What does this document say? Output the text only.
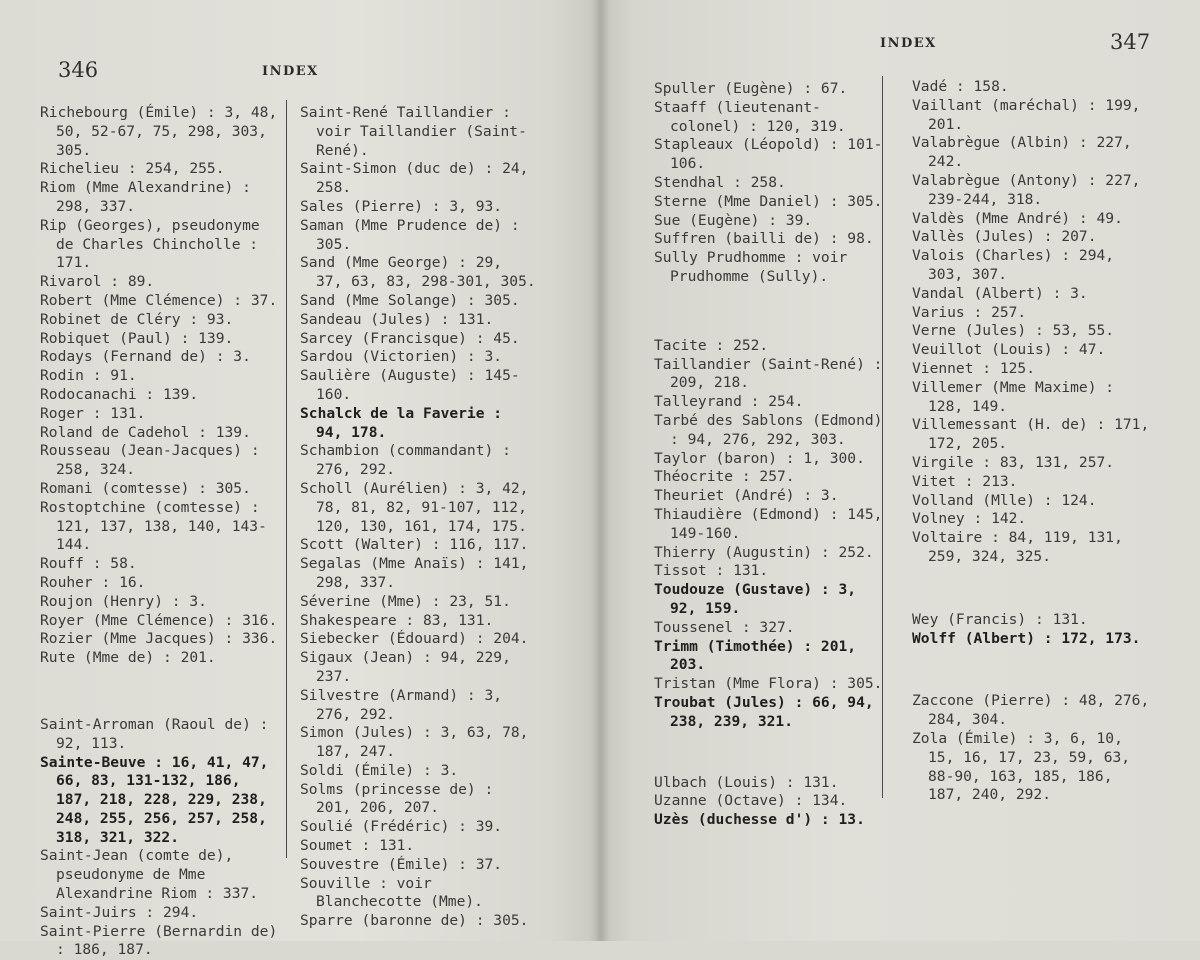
346	INDEX
Richebourg (Émile) : 3, 48, 50, 52-67, 75, 298, 303, 305.
Richelieu : 254, 255.
Riom (Mme Alexandrine) : 298, 337.
Rip (Georges), pseudonyme de Charles Chincholle : 171.
Rivarol : 89.
Robert (Mme Clémence) : 37.
Robinet de Cléry : 93.
Robiquet (Paul) : 139.
Rodays (Fernand de) : 3.
Rodin : 91.
Rodocanachi : 139.
Roger : 131.
Roland de Cadehol : 139.
Rousseau (Jean-Jacques) : 258, 324.
Romani (comtesse) : 305.
Rostoptchine (comtesse) : 121, 137, 138, 140, 143-144.
Rouff : 58.
Rouher : 16.
Roujon (Henry) : 3.
Royer (Mme Clémence) : 316.
Rozier (Mme Jacques) : 336.
Rute (Mme de) : 201.
Saint-Arroman (Raoul de) : 92, 113.
Sainte-Beuve : 16, 41, 47, 66, 83, 131-132, 186, 187, 218, 228, 229, 238, 248, 255, 256, 257, 258, 318, 321, 322.
Saint-Jean (comte de), pseudonyme de Mme Alexandrine Riom : 337.
Saint-Juirs : 294.
Saint-Pierre (Bernardin de) : 186, 187.
Saint-René Taillandier : voir Taillandier (Saint-René).
Saint-Simon (duc de) : 24, 258.
Sales (Pierre) : 3, 93.
Saman (Mme Prudence de) : 305.
Sand (Mme George) : 29, 37, 63, 83, 298-301, 305.
Sand (Mme Solange) : 305.
Sandeau (Jules) : 131.
Sarcey (Francisque) : 45.
Sardou (Victorien) : 3.
Saulière (Auguste) : 145-160.
Schalck de la Faverie : 94, 178.
Schambion (commandant) : 276, 292.
Scholl (Aurélien) : 3, 42, 78, 81, 82, 91-107, 112, 120, 130, 161, 174, 175.
Scott (Walter) : 116, 117.
Segalas (Mme Anaïs) : 141, 298, 337.
Séverine (Mme) : 23, 51.
Shakespeare : 83, 131.
Siebecker (Édouard) : 204.
Sigaux (Jean) : 94, 229, 237.
Silvestre (Armand) : 3, 276, 292.
Simon (Jules) : 3, 63, 78, 187, 247.
Soldi (Émile) : 3.
Solms (princesse de) : 201, 206, 207.
Soulié (Frédéric) : 39.
Soumet : 131.
Souvestre (Émile) : 37.
Souville : voir Blanchecotte (Mme).
Sparre (baronne de) : 305.
INDEX	347
Spuller (Eugène) : 67.
Staaff (lieutenant-colonel) : 120, 319.
Stapleaux (Léopold) : 101-106.
Stendhal : 258.
Sterne (Mme Daniel) : 305.
Sue (Eugène) : 39.
Suffren (bailli de) : 98.
Sully Prudhomme : voir Prudhomme (Sully).
Tacite : 252.
Taillandier (Saint-René) : 209, 218.
Talleyrand : 254.
Tarbé des Sablons (Edmond) : 94, 276, 292, 303.
Taylor (baron) : 1, 300.
Théocrite : 257.
Theuriet (André) : 3.
Thiaudière (Edmond) : 145, 149-160.
Thierry (Augustin) : 252.
Tissot : 131.
Toudouze (Gustave) : 3, 92, 159.
Toussenel : 327.
Trimm (Timothée) : 201, 203.
Tristan (Mme Flora) : 305.
Troubat (Jules) : 66, 94, 238, 239, 321.
Ulbach (Louis) : 131.
Uzanne (Octave) : 134.
Uzès (duchesse d') : 13.
Vadé : 158.
Vaillant (maréchal) : 199, 201.
Valabrègue (Albin) : 227, 242.
Valabrègue (Antony) : 227, 239-244, 318.
Valdès (Mme André) : 49.
Vallès (Jules) : 207.
Valois (Charles) : 294, 303, 307.
Vandal (Albert) : 3.
Varius : 257.
Verne (Jules) : 53, 55.
Veuillot (Louis) : 47.
Viennet : 125.
Villemer (Mme Maxime) : 128, 149.
Villemessant (H. de) : 171, 172, 205.
Virgile : 83, 131, 257.
Vitet : 213.
Volland (Mlle) : 124.
Volney : 142.
Voltaire : 84, 119, 131, 259, 324, 325.
Wey (Francis) : 131.
Wolff (Albert) : 172, 173.
Zaccone (Pierre) : 48, 276, 284, 304.
Zola (Émile) : 3, 6, 10, 15, 16, 17, 23, 59, 63, 88-90, 163, 185, 186, 187, 240, 292.
